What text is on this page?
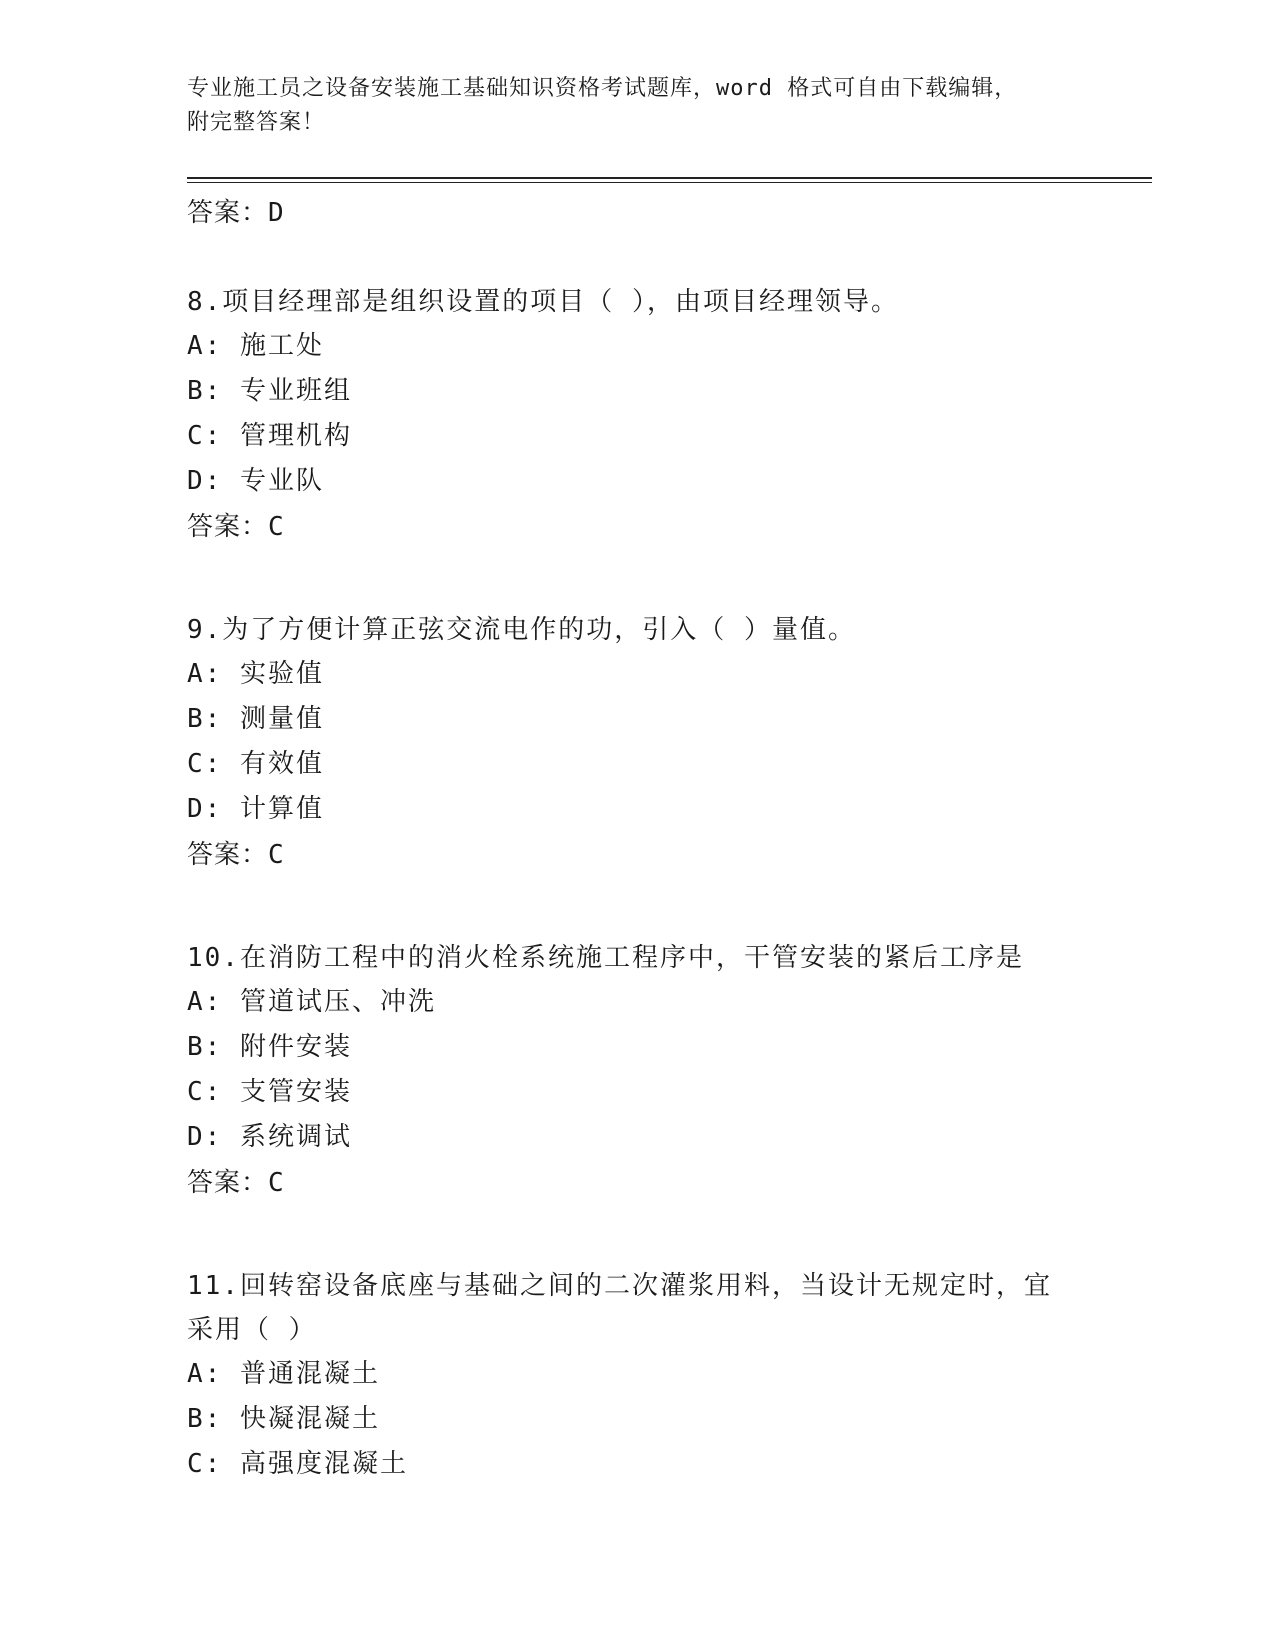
专业施工员之设备安装施工基础知识资格考试题库，word 格式可自由下载编辑，
附完整答案！
答案：D
8.项目经理部是组织设置的项目（ ），由项目经理领导。
A: 施工处
B: 专业班组
C: 管理机构
D: 专业队
答案：C
9.为了方便计算正弦交流电作的功，引入（ ）量值。
A: 实验值
B: 测量值
C: 有效值
D: 计算值
答案：C
10.在消防工程中的消火栓系统施工程序中，干管安装的紧后工序是
A: 管道试压、冲洗
B: 附件安装
C: 支管安装
D: 系统调试
答案：C
11.回转窑设备底座与基础之间的二次灌浆用料，当设计无规定时，宜
采用（ ）
A: 普通混凝土
B: 快凝混凝土
C: 高强度混凝土
